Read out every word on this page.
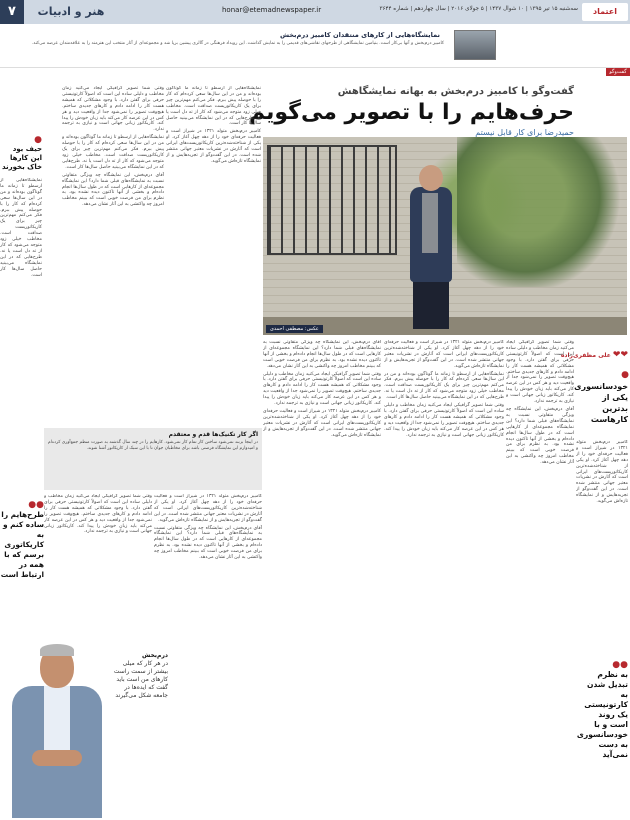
اعتماد
سه‌شنبه ۱۵ تیر ۱۳۹۵ | ۱۰ شوال ۱۴۳۷ | ۵ جولای ۲۰۱۶ | سال چهاردهم | شماره ۳۶۴۴
honar@etemadnewspaper.ir
هنر و ادبیات
۷
نمایشگاه‌هایی از کارهای منتقدان کامبیز درم‌بخش
کامبیز درم‌بخش و آنها بی‌کار است. بنیامین نمایشگاهی از طرحهای نقاشی‌های قدیمی را به نمایش گذاشت. این رویداد فرهنگی در گالری پیشین برپا شد و مجموعه‌ای از آثار منتخب این هنرمند را به علاقه‌مندان عرضه می‌کند.
گفت‌وگو
گفت‌وگو با کامبیز درم‌بخش به بهانه نمایشگاهش
حرف‌هایم را با تصویر می‌گویم
حمیدرضا برای کار قابل نیستم
عکس: مصطفی احمدی
❤❤ علی مظفری‌زاده
●
خودسانسوری یکی از بدترین کارهاست

وقتی شما تصویر گرافیکی ایجاد می‌کنید زمان مخاطب و دلیلی ساده این است که اصولاً کارتونیستی حرفی برای گفتن دارد. با وجود مشکلاتی که همیشه هست کار را ادامه دادم و کارهای جدیدی ساختم. هیچ‌وقت تصویر را نمی‌شود جدا از واقعیت دید و هر کس در این عرصه کار می‌کند باید زبان خودش را پیدا کند. کاریکاتور زبانی جهانی است و نیازی به ترجمه ندارد.

نمایشگاه‌هایی از ارسطو تا زمانه ما گوناگون بوده‌اند و من در این سال‌ها سعی کرده‌ام که کار را با حوصله پیش ببرم. فکر می‌کنم مهم‌ترین چیز برای یک کاریکاتوریست صداقت است. مخاطب خیلی زود متوجه می‌شود که کار از ته دل است یا نه. طرح‌هایی که در این نمایشگاه می‌بینید حاصل سال‌ها کار است.

آقای درم‌بخش، این نمایشگاه چه ویژگی متفاوتی نسبت به نمایشگاه‌های قبلی شما دارد؟ این نمایشگاه مجموعه‌ای از کارهایی است که در طول سال‌ها انجام داده‌ام و بخشی از آنها تاکنون دیده نشده بود. به نظرم برای من فرصت خوبی است که ببینم مخاطب امروز چه واکنشی به این آثار نشان می‌دهد.

نمایشگاه‌هایی از ارسطو تا زمانه ما گوناگون بوده‌اند و من در این سال‌ها سعی کرده‌ام که کار را با حوصله پیش ببرم. فکر می‌کنم مهم‌ترین چیز برای یک کاریکاتوریست صداقت است. مخاطب خیلی زود متوجه می‌شود که کار از ته دل است یا نه. طرح‌هایی که در این نمایشگاه می‌بینید حاصل سال‌ها کار است.

کامبیز درم‌بخش متولد ۱۳۲۱ در شیراز است و فعالیت حرفه‌ای خود را از دهه چهل آغاز کرد. او یکی از شناخته‌شده‌ترین کاریکاتوریست‌های ایرانی است که آثارش در نشریات معتبر جهانی منتشر شده است. در این گفت‌وگو از تجربه‌هایش و از نمایشگاه تازه‌اش می‌گوید.

آقای درم‌بخش، این نمایشگاه چه ویژگی متفاوتی نسبت به نمایشگاه‌های قبلی شما دارد؟ این نمایشگاه مجموعه‌ای از کارهایی است که در طول سال‌ها انجام داده‌ام و بخشی از آنها تاکنون دیده نشده بود. به نظرم برای من فرصت خوبی است که ببینم مخاطب امروز چه واکنشی به این آثار نشان می‌دهد.

وقتی شما تصویر گرافیکی ایجاد می‌کنید زمان مخاطب و دلیلی ساده این است که اصولاً کارتونیستی حرفی برای گفتن دارد. با وجود مشکلاتی که همیشه هست کار را ادامه دادم و کارهای جدیدی ساختم. هیچ‌وقت تصویر را نمی‌شود جدا از واقعیت دید و هر کس در این عرصه کار می‌کند باید زبان خودش را پیدا کند. کاریکاتور زبانی جهانی است و نیازی به ترجمه ندارد.

کامبیز درم‌بخش متولد ۱۳۲۱ در شیراز است و فعالیت حرفه‌ای خود را از دهه چهل آغاز کرد. او یکی از شناخته‌شده‌ترین کاریکاتوریست‌های ایرانی است که آثارش در نشریات معتبر جهانی منتشر شده است. در این گفت‌وگو از تجربه‌هایش و از نمایشگاه تازه‌اش می‌گوید.

کامبیز درم‌بخش متولد ۱۳۲۱ در شیراز است و فعالیت حرفه‌ای خود را از دهه چهل آغاز کرد. او یکی از شناخته‌شده‌ترین کاریکاتوریست‌های ایرانی است که آثارش در نشریات معتبر جهانی منتشر شده است. در این گفت‌وگو از تجربه‌هایش و از نمایشگاه تازه‌اش می‌گوید.

نمایشگاه‌هایی از ارسطو تا زمانه ما گوناگون بوده‌اند و من در این سال‌ها سعی کرده‌ام که کار را با حوصله پیش ببرم. فکر می‌کنم مهم‌ترین چیز برای یک کاریکاتوریست صداقت است. مخاطب خیلی زود متوجه می‌شود که کار از ته دل است یا نه. طرح‌هایی که در این نمایشگاه می‌بینید حاصل سال‌ها کار است.

وقتی شما تصویر گرافیکی ایجاد می‌کنید زمان مخاطب و دلیلی ساده این است که اصولاً کارتونیستی حرفی برای گفتن دارد. با وجود مشکلاتی که همیشه هست کار را ادامه دادم و کارهای جدیدی ساختم. هیچ‌وقت تصویر را نمی‌شود جدا از واقعیت دید و هر کس در این عرصه کار می‌کند باید زبان خودش را پیدا کند. کاریکاتور زبانی جهانی است و نیازی به ترجمه ندارد.

وقتی شما تصویر گرافیکی ایجاد می‌کنید زمان مخاطب و دلیلی ساده این است که اصولاً کارتونیستی حرفی برای گفتن دارد. با وجود مشکلاتی که همیشه هست کار را ادامه دادم و کارهای جدیدی ساختم. هیچ‌وقت تصویر را نمی‌شود جدا از واقعیت دید و هر کس در این عرصه کار می‌کند باید زبان خودش را پیدا کند. کاریکاتور زبانی جهانی است و نیازی به ترجمه ندارد.

آقای درم‌بخش، این نمایشگاه چه ویژگی متفاوتی نسبت به نمایشگاه‌های قبلی شما دارد؟ این نمایشگاه مجموعه‌ای از کارهایی است که در طول سال‌ها انجام داده‌ام و بخشی از آنها تاکنون دیده نشده بود. به نظرم برای من فرصت خوبی است که ببینم مخاطب امروز چه واکنشی به این آثار نشان می‌دهد.

کامبیز درم‌بخش متولد ۱۳۲۱ در شیراز است و فعالیت حرفه‌ای خود را از دهه چهل آغاز کرد. او یکی از شناخته‌شده‌ترین کاریکاتوریست‌های ایرانی است که آثارش در نشریات معتبر جهانی منتشر شده است. در این گفت‌وگو از تجربه‌هایش و از نمایشگاه تازه‌اش می‌گوید.

●
حیف بود این کارها خاک بخورند

نمایشگاه‌هایی از ارسطو تا زمانه ما گوناگون بوده‌اند و من در این سال‌ها سعی کرده‌ام که کار را با حوصله پیش ببرم. فکر می‌کنم مهم‌ترین چیز برای یک کاریکاتوریست صداقت است. مخاطب خیلی زود متوجه می‌شود که کار از ته دل است یا نه. طرح‌هایی که در این نمایشگاه می‌بینید حاصل سال‌ها کار است.

اگر کار تکنیک‌ها قدم و معتقدم
در اینجا بزنند نمی‌شود ساختن کار تمام کار نمی‌شود. کارهایم را در چند سال گذشته به صورت منظم جمع‌آوری کرده‌ام و امیدوارم این نمایشگاه فرصتی باشد برای مخاطبان جوان تا با این سبک از کاریکاتور آشنا شوند.

وقتی شما تصویر گرافیکی ایجاد می‌کنید زمان مخاطب و دلیلی ساده این است که اصولاً کارتونیستی حرفی برای گفتن دارد. با وجود مشکلاتی که همیشه هست کار را ادامه دادم و کارهای جدیدی ساختم. هیچ‌وقت تصویر را نمی‌شود جدا از واقعیت دید و هر کس در این عرصه کار می‌کند باید زبان خودش را پیدا کند. کاریکاتور زبانی جهانی است و نیازی به ترجمه ندارد.

کامبیز درم‌بخش متولد ۱۳۲۱ در شیراز است و فعالیت حرفه‌ای خود را از دهه چهل آغاز کرد. او یکی از شناخته‌شده‌ترین کاریکاتوریست‌های ایرانی است که آثارش در نشریات معتبر جهانی منتشر شده است. در این گفت‌وگو از تجربه‌هایش و از نمایشگاه تازه‌اش می‌گوید.

آقای درم‌بخش، این نمایشگاه چه ویژگی متفاوتی نسبت به نمایشگاه‌های قبلی شما دارد؟ این نمایشگاه مجموعه‌ای از کارهایی است که در طول سال‌ها انجام داده‌ام و بخشی از آنها تاکنون دیده نشده بود. به نظرم برای من فرصت خوبی است که ببینم مخاطب امروز چه واکنشی به این آثار نشان می‌دهد.

●●
طرح‌هایم را ساده کنم و به کاریکاتوری برسم که با همه در ارتباط است
درم‌بخش
در هر کار که میلی بیشتر از سمت راست کارهای من است باید گفت که ایده‌ها در جامعه شکل می‌گیرند
●●
به نظرم تبدیل شدن به کارتونیستی یک روند است و با خودسانسوری به دست نمی‌آید
